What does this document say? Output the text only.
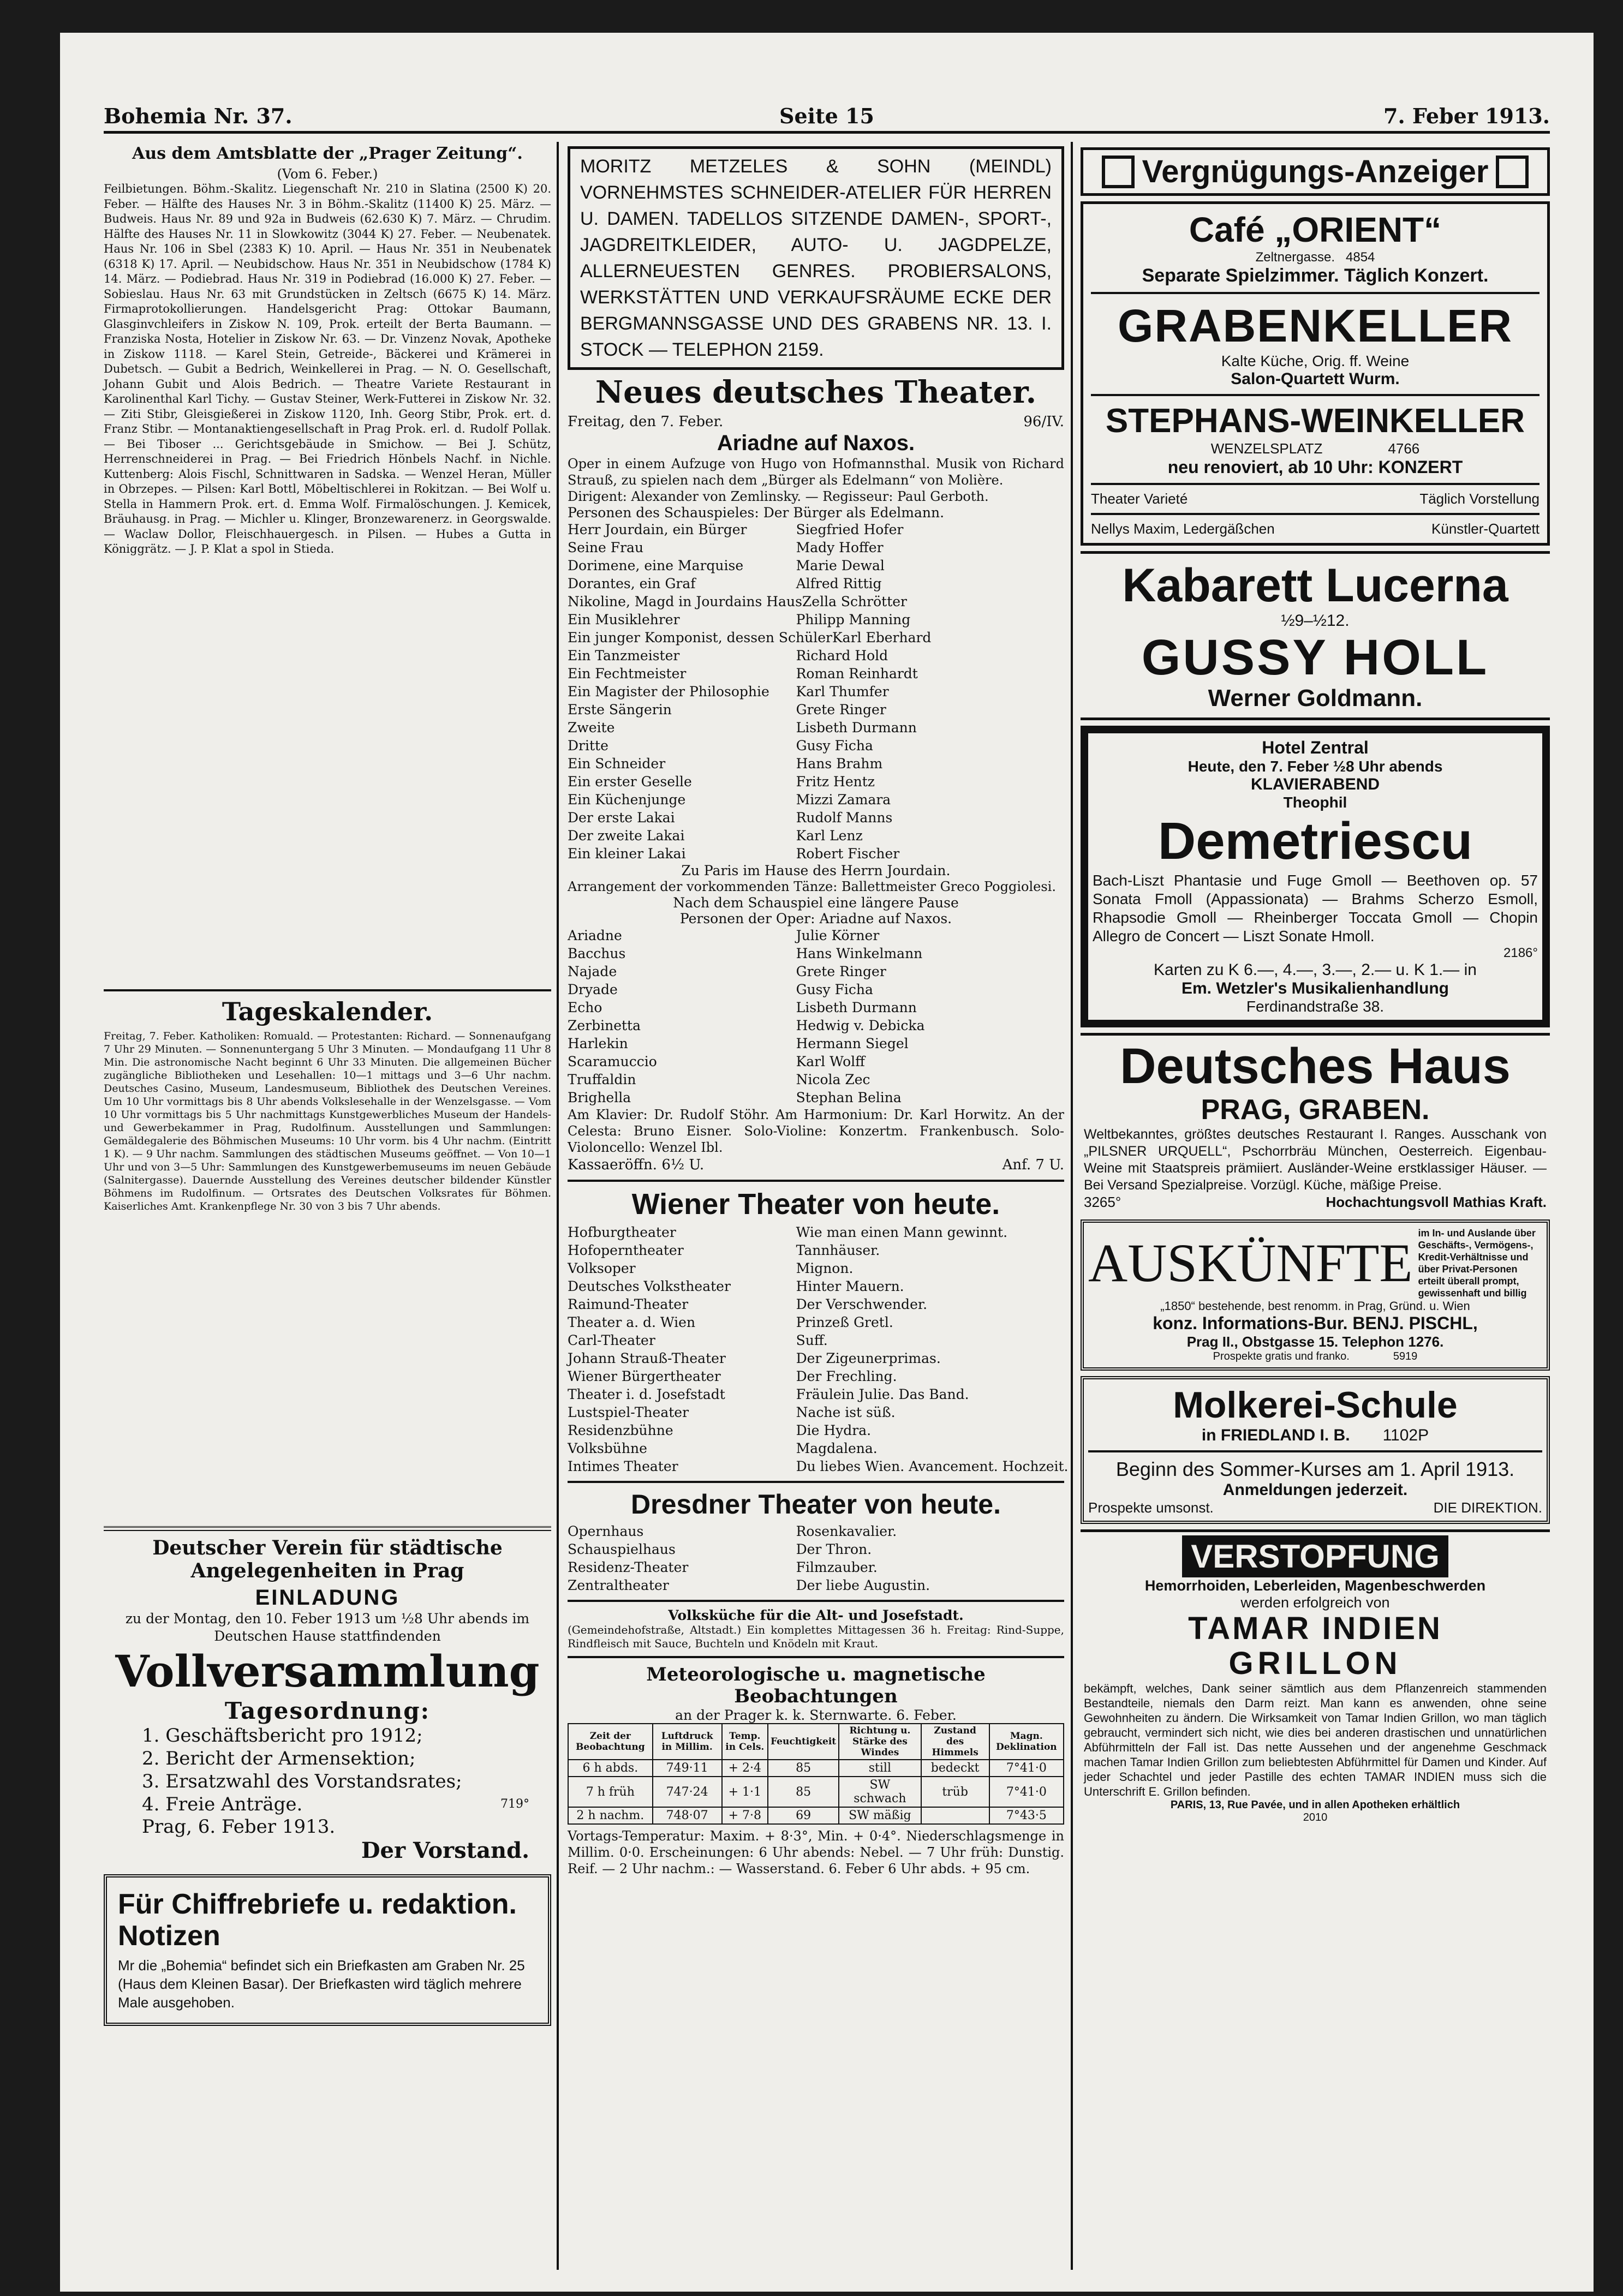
Bohemia Nr. 37.	Seite 15	7. Feber 1913.
Aus dem Amtsblatte der „Prager Zeitung“.
(Vom 6. Feber.)
Feilbietungen. Böhm.-Skalitz. Liegenschaft Nr. 210 in Slatina (2500 K) 20. Feber. — Hälfte des Hauses Nr. 3 in Böhm.-Skalitz (11400 K) 25. März. — Budweis. Haus Nr. 89 und 92a in Budweis (62.630 K) 7. März. — Chrudim. Hälfte des Hauses Nr. 11 in Slowkowitz (3044 K) 27. Feber. — Neubenatek. Haus Nr. 106 in Sbel (2383 K) 10. April. — Haus Nr. 351 in Neubenatek (6318 K) 17. April. — Neubidschow. Haus Nr. 351 in Neubidschow (1784 K) 14. März. — Podiebrad. Haus Nr. 319 in Podiebrad (16.000 K) 27. Feber. — Sobieslau. Haus Nr. 63 mit Grundstücken in Zeltsch (6675 K) 14. März. Firmaprotokollierungen. Handelsgericht Prag: Ottokar Baumann, Glasginvchleifers in Ziskow N. 109, Prok. erteilt der Berta Baumann. — Franziska Nosta, Hotelier in Ziskow Nr. 63. — Dr. Vinzenz Novak, Apotheke in Ziskow 1118. — Karel Stein, Getreide-, Bäckerei und Krämerei in Dubetsch. — Gubit a Bedrich, Weinkellerei in Prag. — N. O. Gesellschaft, Johann Gubit und Alois Bedrich. — Theatre Variete Restaurant in Karolinenthal Karl Tichy. — Gustav Steiner, Werk-Futterei in Ziskow Nr. 32. — Ziti Stibr, Gleisgießerei in Ziskow 1120, Inh. Georg Stibr, Prok. ert. d. Franz Stibr. — Montanaktiengesellschaft in Prag Prok. erl. d. Rudolf Pollak. — Bei Tiboser ... Gerichtsgebäude in Smichow. — Bei J. Schütz, Herrenschneiderei in Prag. — Bei Friedrich Hönbels Nachf. in Nichle. Kuttenberg: Alois Fischl, Schnittwaren in Sadska. — Wenzel Heran, Müller in Obrzepes. — Pilsen: Karl Bottl, Möbeltischlerei in Rokitzan. — Bei Wolf u. Stella in Hammern Prok. ert. d. Emma Wolf. Firmalöschungen. J. Kemicek, Bräuhausg. in Prag. — Michler u. Klinger, Bronzewarenerz. in Georgswalde. — Waclaw Dollor, Fleischhauergesch. in Pilsen. — Hubes a Gutta in Königgrätz. — J. P. Klat a spol in Stieda.
Tageskalender.
Freitag, 7. Feber. Katholiken: Romuald. — Protestanten: Richard. — Sonnenaufgang 7 Uhr 29 Minuten. — Sonnenuntergang 5 Uhr 3 Minuten. — Mondaufgang 11 Uhr 8 Min. Die astronomische Nacht beginnt 6 Uhr 33 Minuten. Die allgemeinen Bücher zugängliche Bibliotheken und Lesehallen: 10—1 mittags und 3—6 Uhr nachm. Deutsches Casino, Museum, Landesmuseum, Bibliothek des Deutschen Vereines. Um 10 Uhr vormittags bis 8 Uhr abends Volkslesehalle in der Wenzelsgasse. — Vom 10 Uhr vormittags bis 5 Uhr nachmittags Kunstgewerbliches Museum der Handels- und Gewerbekammer in Prag, Rudolfinum. Ausstellungen und Sammlungen: Gemäldegalerie des Böhmischen Museums: 10 Uhr vorm. bis 4 Uhr nachm. (Eintritt 1 K). — 9 Uhr nachm. Sammlungen des städtischen Museums geöffnet. — Von 10—1 Uhr und von 3—5 Uhr: Sammlungen des Kunstgewerbemuseums im neuen Gebäude (Salnitergasse). Dauernde Ausstellung des Vereines deutscher bildender Künstler Böhmens im Rudolfinum. — Ortsrates des Deutschen Volksrates für Böhmen. Kaiserliches Amt. Krankenpflege Nr. 30 von 3 bis 7 Uhr abends.
Deutscher Verein für städtische Angelegenheiten in Prag
EINLADUNG
zu der Montag, den 10. Feber 1913 um ½8 Uhr abends im Deutschen Hause stattfindenden
Vollversammlung
Tagesordnung:
1. Geschäftsbericht pro 1912;
2. Bericht der Armensektion;
3. Ersatzwahl des Vorstandsrates;
4. Freie Anträge.	719°
Prag, 6. Feber 1913.
Der Vorstand.
Für Chiffrebriefe u. redaktion. Notizen
Mr die „Bohemia“ befindet sich ein Briefkasten am Graben Nr. 25 (Haus dem Kleinen Basar). Der Briefkasten wird täglich mehrere Male ausgehoben.
MORITZ METZELES & SOHN (MEINDL) VORNEHMSTES SCHNEIDER-ATELIER FÜR HERREN U. DAMEN. TADELLOS SITZENDE DAMEN-, SPORT-, JAGDREITKLEIDER, AUTO- U. JAGDPELZE, ALLERNEUESTEN GENRES. PROBIERSALONS, WERKSTÄTTEN UND VERKAUFSRÄUME ECKE DER BERGMANNSGASSE UND DES GRABENS NR. 13. I. STOCK — TELEPHON 2159.
Neues deutsches Theater.
Freitag, den 7. Feber.	96/IV.
Ariadne auf Naxos.
Oper in einem Aufzuge von Hugo von Hofmannsthal. Musik von Richard Strauß, zu spielen nach dem „Bürger als Edelmann“ von Molière.
Dirigent: Alexander von Zemlinsky. — Regisseur: Paul Gerboth.
Personen des Schauspieles: Der Bürger als Edelmann.
Herr Jourdain, ein Bürger	Siegfried Hofer
Seine Frau	Mady Hoffer
Dorimene, eine Marquise	Marie Dewal
Dorantes, ein Graf	Alfred Rittig
Nikoline, Magd in Jourdains Haus Zella Schrötter
Ein Musiklehrer	Philipp Manning
Ein junger Komponist, dessen Schüler Karl Eberhard
Ein Tanzmeister	Richard Hold
Ein Fechtmeister	Roman Reinhardt
Ein Magister der Philosophie	Karl Thumfer
Erste Sängerin	Grete Ringer
Zweite	Lisbeth Durmann
Dritte	Gusy Ficha
Ein Schneider	Hans Brahm
Ein erster Geselle	Fritz Hentz
Ein Küchenjunge	Mizzi Zamara
Der erste Lakai	Rudolf Manns
Der zweite Lakai	Karl Lenz
Ein kleiner Lakai	Robert Fischer
Zu Paris im Hause des Herrn Jourdain.
Arrangement der vorkommenden Tänze: Ballettmeister Greco Poggiolesi.
Nach dem Schauspiel eine längere Pause
Personen der Oper: Ariadne auf Naxos.
Ariadne	Julie Körner
Bacchus	Hans Winkelmann
Najade	Grete Ringer
Dryade	Gusy Ficha
Echo	Lisbeth Durmann
Zerbinetta	Hedwig v. Debicka
Harlekin	Hermann Siegel
Scaramuccio	Karl Wolff
Truffaldin	Nicola Zec
Brighella	Stephan Belina
Am Klavier: Dr. Rudolf Stöhr. Am Harmonium: Dr. Karl Horwitz. An der Celesta: Bruno Eisner. Solo-Violine: Konzertm. Frankenbusch. Solo-Violoncello: Wenzel Ibl.
Kassaeröffn. 6½ U.	Anf. 7 U.
Wiener Theater von heute.
Hofburgtheater	Wie man einen Mann gewinnt.
Hofoperntheater	Tannhäuser.
Volksoper	Mignon.
Deutsches Volkstheater	Hinter Mauern.
Raimund-Theater	Der Verschwender.
Theater a. d. Wien	Prinzeß Gretl.
Carl-Theater	Suff.
Johann Strauß-Theater	Der Zigeunerprimas.
Wiener Bürgertheater	Der Frechling.
Theater i. d. Josefstadt	Fräulein Julie. Das Band.
Lustspiel-Theater	Nache ist süß.
Residenzbühne	Die Hydra.
Volksbühne	Magdalena.
Intimes Theater	Du liebes Wien. Avancement. Hochzeit.
Dresdner Theater von heute.
Opernhaus	Rosenkavalier.
Schauspielhaus	Der Thron.
Residenz-Theater	Filmzauber.
Zentraltheater	Der liebe Augustin.
Volksküche für die Alt- und Josefstadt.
(Gemeindehofstraße, Altstadt.) Ein komplettes Mittagessen 36 h. Freitag: Rind-Suppe, Rindfleisch mit Sauce, Buchteln und Knödeln mit Kraut.
Meteorologische u. magnetische Beobachtungen
an der Prager k. k. Sternwarte. 6. Feber.
Zeit der Beobachtung	Luftdruck in Millim.	Temp. in Cels.	Feuchtigkeit	Richtung u. Stärke des Windes	Zustand des Himmels	Magn. Deklination
6 h abds.	749·11	+ 2·4	85	still	bedeckt	7°41·0
7 h früh	747·24	+ 1·1	85	SW schwach	trüb	7°41·0
2 h nachm.	748·07	+ 7·8	69	SW mäßig		7°43·5
Vortags-Temperatur: Maxim. + 8·3°, Min. + 0·4°. Niederschlagsmenge in Millim. 0·0. Erscheinungen: 6 Uhr abends: Nebel. — 7 Uhr früh: Dunstig. Reif. — 2 Uhr nachm.: — Wasserstand. 6. Feber 6 Uhr abds. + 95 cm.
Vergnügungs-Anzeiger
Café „ORIENT“
Zeltnergasse. 4854
Separate Spielzimmer. Täglich Konzert.
GRABENKELLER
Kalte Küche, Orig. ff. Weine
Salon-Quartett Wurm.
STEPHANS-WEINKELLER
WENZELSPLATZ	4766
neu renoviert, ab 10 Uhr: KONZERT
Theater Varieté	Täglich Vorstellung
Nellys Maxim, Ledergäßchen	Künstler-Quartett
Kabarett Lucerna
½9–½12.
GUSSY HOLL
Werner Goldmann.
Hotel Zentral
Heute, den 7. Feber ½8 Uhr abends
KLAVIERABEND
Theophil
Demetriescu
Bach-Liszt Phantasie und Fuge Gmoll — Beethoven op. 57 Sonata Fmoll (Appassionata) — Brahms Scherzo Esmoll, Rhapsodie Gmoll — Rheinberger Toccata Gmoll — Chopin Allegro de Concert — Liszt Sonate Hmoll.
2186°
Karten zu K 6.—, 4.—, 3.—, 2.— u. K 1.— in
Em. Wetzler's Musikalienhandlung
Ferdinandstraße 38.
Deutsches Haus
PRAG, GRABEN.
Weltbekanntes, größtes deutsches Restaurant I. Ranges. Ausschank von „PILSNER URQUELL“, Pschorrbräu München, Oesterreich. Eigenbau-Weine mit Staatspreis prämiiert. Ausländer-Weine erstklassiger Häuser. — Bei Versand Spezialpreise. Vorzügl. Küche, mäßige Preise.
3265°	Hochachtungsvoll Mathias Kraft.
AUSKÜNFTE im In- und Auslande über Geschäfts-, Vermögens-, Kredit-Verhältnisse und über Privat-Personen erteilt überall prompt, gewissenhaft und billig
„1850“ bestehende, best renomm. in Prag, Gründ. u. Wien
konz. Informations-Bur. BENJ. PISCHL,
Prag II., Obstgasse 15. Telephon 1276.
Prospekte gratis und franko.	5919
Molkerei-Schule
in FRIEDLAND I. B. 1102P
Beginn des Sommer-Kurses am 1. April 1913.
Anmeldungen jederzeit.
Prospekte umsonst.	DIE DIREKTION.
VERSTOPFUNG
Hemorrhoiden, Leberleiden, Magenbeschwerden
werden erfolgreich von
TAMAR INDIEN
GRILLON
bekämpft, welches, Dank seiner sämtlich aus dem Pflanzenreich stammenden Bestandteile, niemals den Darm reizt. Man kann es anwenden, ohne seine Gewohnheiten zu ändern. Die Wirksamkeit von Tamar Indien Grillon, wo man täglich gebraucht, vermindert sich nicht, wie dies bei anderen drastischen und unnatürlichen Abführmitteln der Fall ist. Das nette Aussehen und der angenehme Geschmack machen Tamar Indien Grillon zum beliebtesten Abführmittel für Damen und Kinder. Auf jeder Schachtel und jeder Pastille des echten TAMAR INDIEN muss sich die Unterschrift E. Grillon befinden.
PARIS, 13, Rue Pavée, und in allen Apotheken erhältlich
2010
